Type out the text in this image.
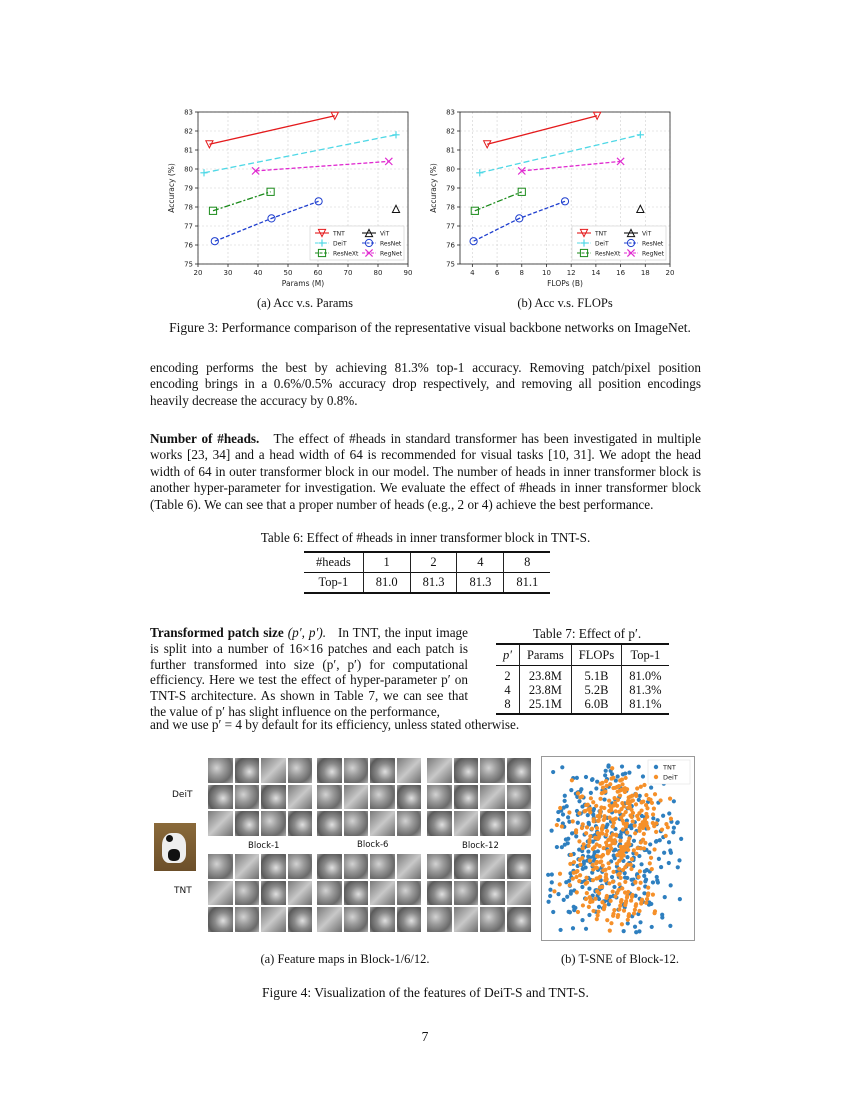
20	30	40	50	60	70	80	90
75
76
77
78
79
80
81
82
83
Params (M)
Accuracy (%)
TNT	ViT
DeiT	ResNet
ResNeXt	RegNet
4	6	8	10 12 14 16 18 20
75
76
77
78
79
80
81
82
83
FLOPs (B)
Accuracy (%)
TNT	ViT
DeiT	ResNet
ResNeXt	RegNet
(a) Acc v.s. Params	(b) Acc v.s. FLOPs
Figure 3: Performance comparison of the representative visual backbone networks on ImageNet.
encoding performs the best by achieving 81.3% top-1 accuracy. Removing patch/pixel position encoding brings in a 0.6%/0.5% accuracy drop respectively, and removing all position encodings heavily decrease the accuracy by 0.8%.
Number of #heads. The effect of #heads in standard transformer has been investigated in multiple works [23, 34] and a head width of 64 is recommended for visual tasks [10, 31]. We adopt the head width of 64 in outer transformer block in our model. The number of heads in inner transformer block is another hyper-parameter for investigation. We evaluate the effect of #heads in inner transformer block (Table 6). We can see that a proper number of heads (e.g., 2 or 4) achieve the best performance.
Table 6: Effect of #heads in inner transformer block in TNT-S.
#heads	1	2	4	8
Top-1	81.0	81.3	81.3	81.1
Transformed patch size (p′, p′). In TNT, the input image is split into a number of 16×16 patches and each patch is further transformed into size (p′, p′) for computational efficiency. Here we test the effect of hyper-parameter p′ on TNT-S architecture. As shown in Table 7, we can see that the value of p′ has slight influence on the performance,
and we use p′ = 4 by default for its efficiency, unless stated otherwise.
Table 7: Effect of p′.
p′	Params	FLOPs	Top-1
2	23.8M	5.1B	81.0%
4	23.8M	5.2B	81.3%
8	25.1M	6.0B	81.1%
DeiT
TNT
Block-1	Block-6	Block-12
TNT
DeiT
(a) Feature maps in Block-1/6/12.	(b) T-SNE of Block-12.
Figure 4: Visualization of the features of DeiT-S and TNT-S.
7
